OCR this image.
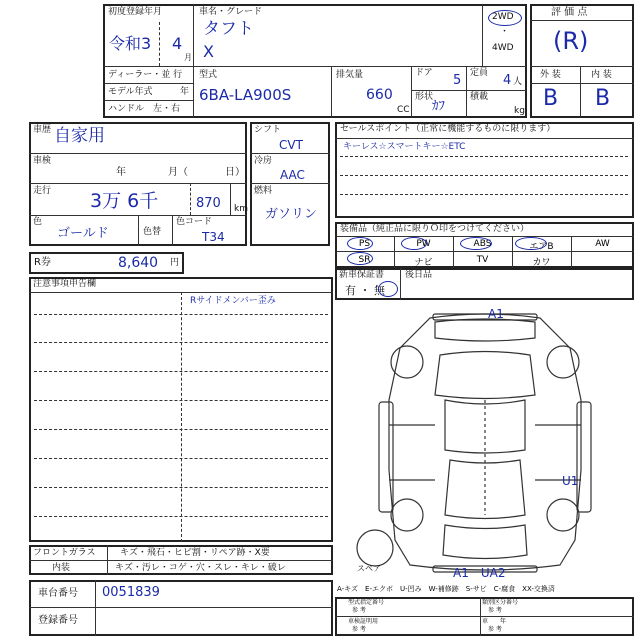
初度登録年月
令和3 4
月
ディーラー・並 行
モデル年式	年
ハンドル　左・右
車名・グレード
タフト
X
型式
6BA-LA900S
排気量
660
CC
ドア 5 定員 4 人
形状
ｶﾌ
積載
kg
2WD
・
4WD
評 価 点
(R)
外 装	内 装
B B
車歴 自家用
車検
年	月（	日）
走行 3万 6千	870 km
色
ゴールド	色替
色コード
T34
シフト
CVT
冷房
AAC
燃料
ガソリン
R券	8,640 円
セールスポイント（正常に機能するものに限ります）
キーレス☆スマートキー☆ETC
装備品（純正品に限りＯ印をつけてください）
PS	PW	ABS	エアB	AW
SR	ナビ	TV	カワ
新車保証書
有 ・ 無
後日品
注意事項申告欄
Rサイドメンバー歪み
A1
U1
A1　UA2
スペア
A-キズ　E-エクボ　U-凹み　W-補修跡　S-サビ　C-腐食　XX-交換済
フロントガラス	キズ・飛石・ヒビ割・リペア跡・X要
内装	キズ・汚レ・コゲ・穴・スレ・キレ・破レ
車台番号 0051839
登録番号
型式指定番号
参 考
類別区分番号
参 考
車検証明用
参 考
車　　年
参 考
